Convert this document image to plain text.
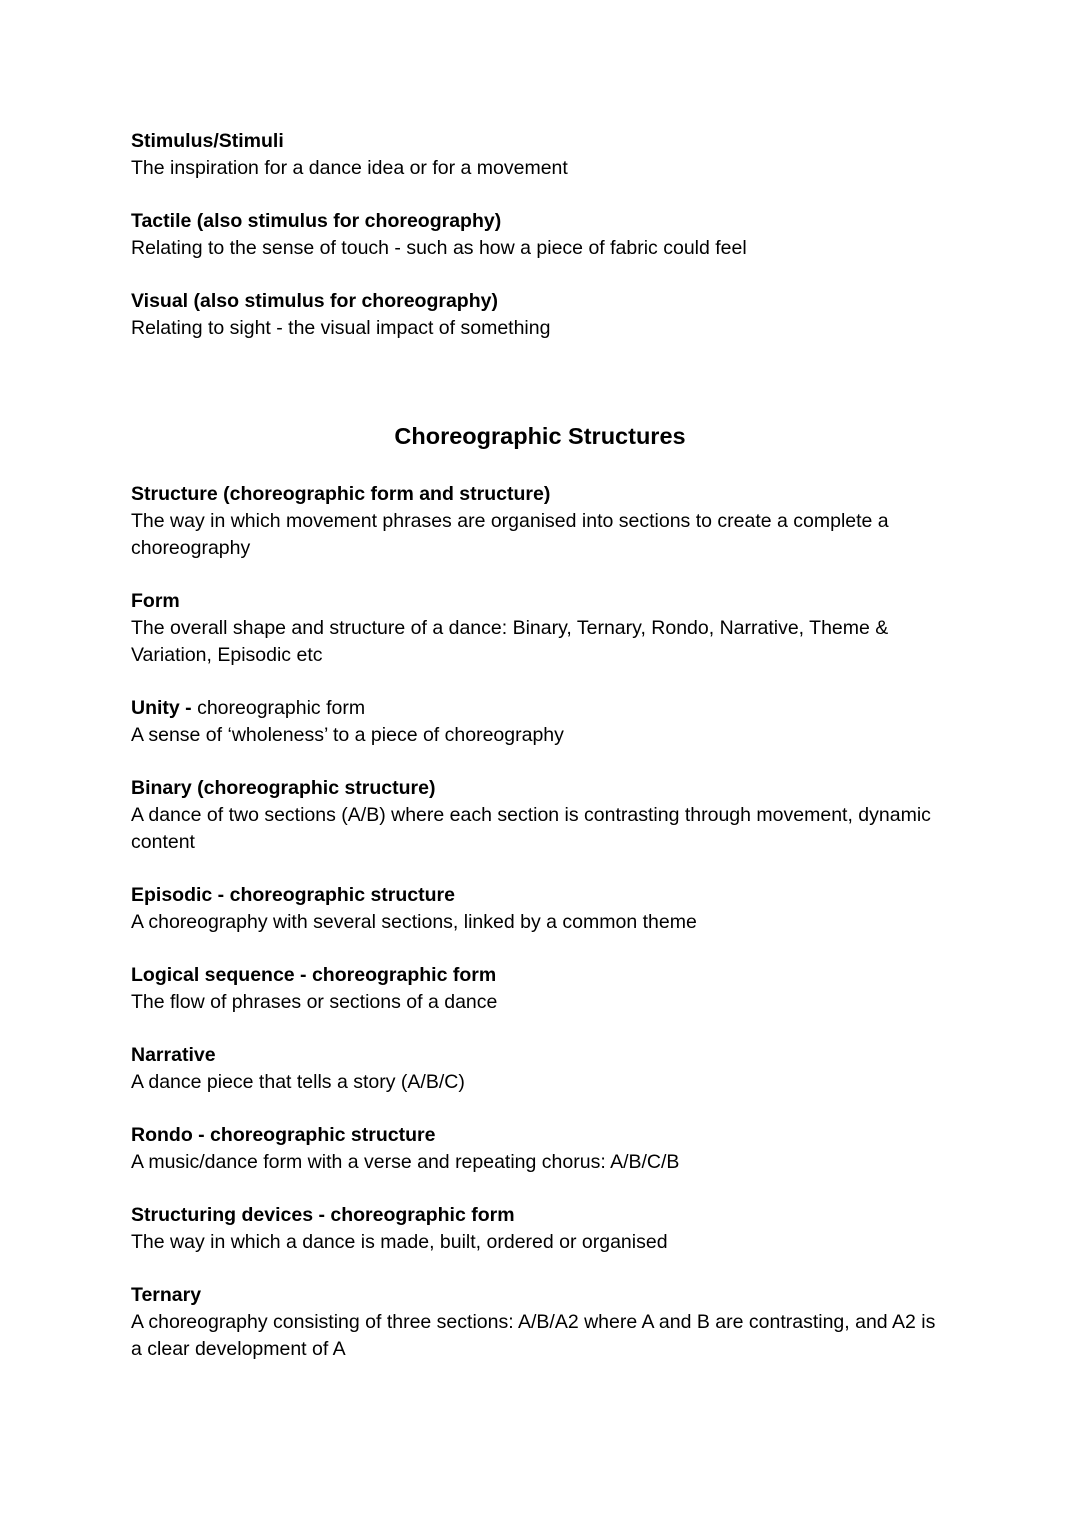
Stimulus/Stimuli
The inspiration for a dance idea or for a movement
Tactile (also stimulus for choreography)
Relating to the sense of touch - such as how a piece of fabric could feel
Visual (also stimulus for choreography)
Relating to sight - the visual impact of something
Choreographic Structures
Structure (choreographic form and structure)
The way in which movement phrases are organised into sections to create a complete a choreography
Form
The overall shape and structure of a dance: Binary, Ternary, Rondo, Narrative, Theme & Variation, Episodic etc
Unity - choreographic form
A sense of ‘wholeness’ to a piece of choreography
Binary (choreographic structure)
A dance of two sections (A/B) where each section is contrasting through movement, dynamic content
Episodic - choreographic structure
A choreography with several sections, linked by a common theme
Logical sequence - choreographic form
The flow of phrases or sections of a dance
Narrative
A dance piece that tells a story (A/B/C)
Rondo - choreographic structure
A music/dance form with a verse and repeating chorus: A/B/C/B
Structuring devices - choreographic form
The way in which a dance is made, built, ordered or organised
Ternary
A choreography consisting of three sections: A/B/A2 where A and B are contrasting, and A2 is a clear development of A
